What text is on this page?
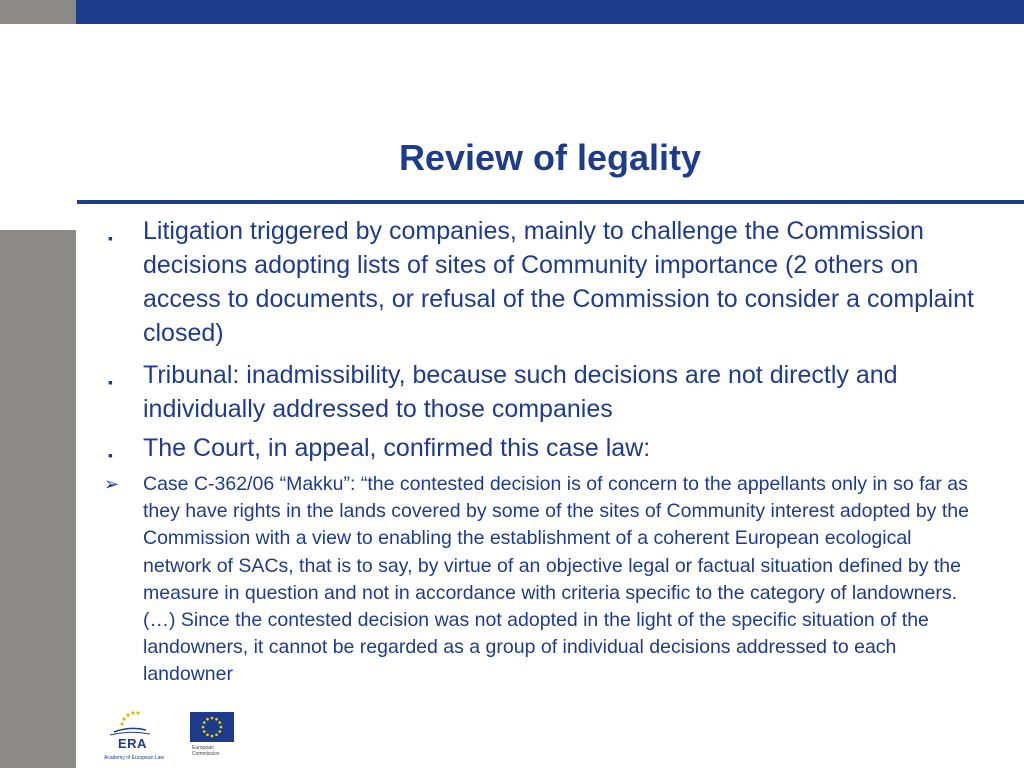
Review of legality
▪ Litigation triggered by companies, mainly to challenge the Commission decisions adopting lists of sites of Community importance (2 others on access to documents, or refusal of the Commission to consider a complaint closed)
▪ Tribunal: inadmissibility, because such decisions are not directly and individually addressed to those companies
▪ The Court, in appeal, confirmed this case law:
➢ Case C-362/06 “Makku”: “the contested decision is of concern to the appellants only in so far as they have rights in the lands covered by some of the sites of Community interest adopted by the Commission with a view to enabling the establishment of a coherent European ecological network of SACs, that is to say, by virtue of an objective legal or factual situation defined by the measure in question and not in accordance with criteria specific to the category of landowners. (…) Since the contested decision was not adopted in the light of the specific situation of the landowners, it cannot be regarded as a group of individual decisions addressed to each landowner
ERA
Academy of European Law
European
Commission
